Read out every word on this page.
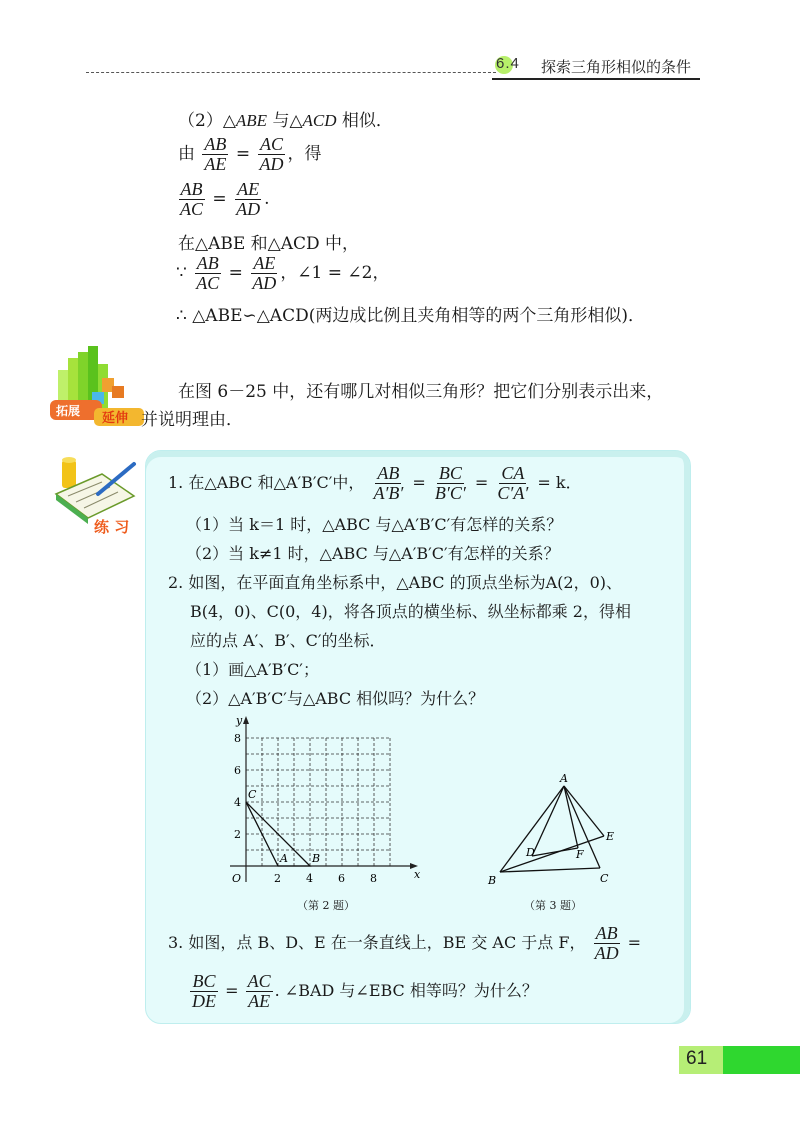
6.4 探索三角形相似的条件
（2）△ABE 与△ACD 相似．
由 $\frac{AB}{AE} = \frac{AC}{AD}$ ，得
$\frac{AB}{AC} = \frac{AE}{AD}$ .
在△ABE 和△ACD 中，
∵ $\frac{AB}{AC} = \frac{AE}{AD}$ ，∠1 = ∠2，
∴ △ABE∽△ACD(两边成比例且夹角相等的两个三角形相似)．
拓展 延伸
在图 6－25 中，还有哪几对相似三角形？把它们分别表示出来，
并说明理由．
练 习
1. 在△ABC 和△A′B′C′中， $\frac{AB}{A'B'} = \frac{BC}{B'C'} = \frac{CA}{C'A'} = k$．
（1）当 k＝1 时，△ABC 与△A′B′C′有怎样的关系？
（2）当 k≠1 时，△ABC 与△A′B′C′有怎样的关系？
2. 如图，在平面直角坐标系中，△ABC 的顶点坐标为A(2，0)、
B(4，0)、C(0，4)，将各顶点的横坐标、纵坐标都乘 2，得相
应的点 A′、B′、C′的坐标．
（1）画△A′B′C′；
（2）△A′B′C′与△ABC 相似吗？为什么？
y
x
O
8
6
4
2
2 4 6 8
A B
C
（第 2 题）
A
B	C
D
E
F
（第 3 题）
3. 如图，点 B、D、E 在一条直线上，BE 交 AC 于点 F， $\frac{AB}{AD}$ =
$\frac{BC}{DE} = \frac{AC}{AE}$ . ∠BAD 与∠EBC 相等吗？为什么？
61
